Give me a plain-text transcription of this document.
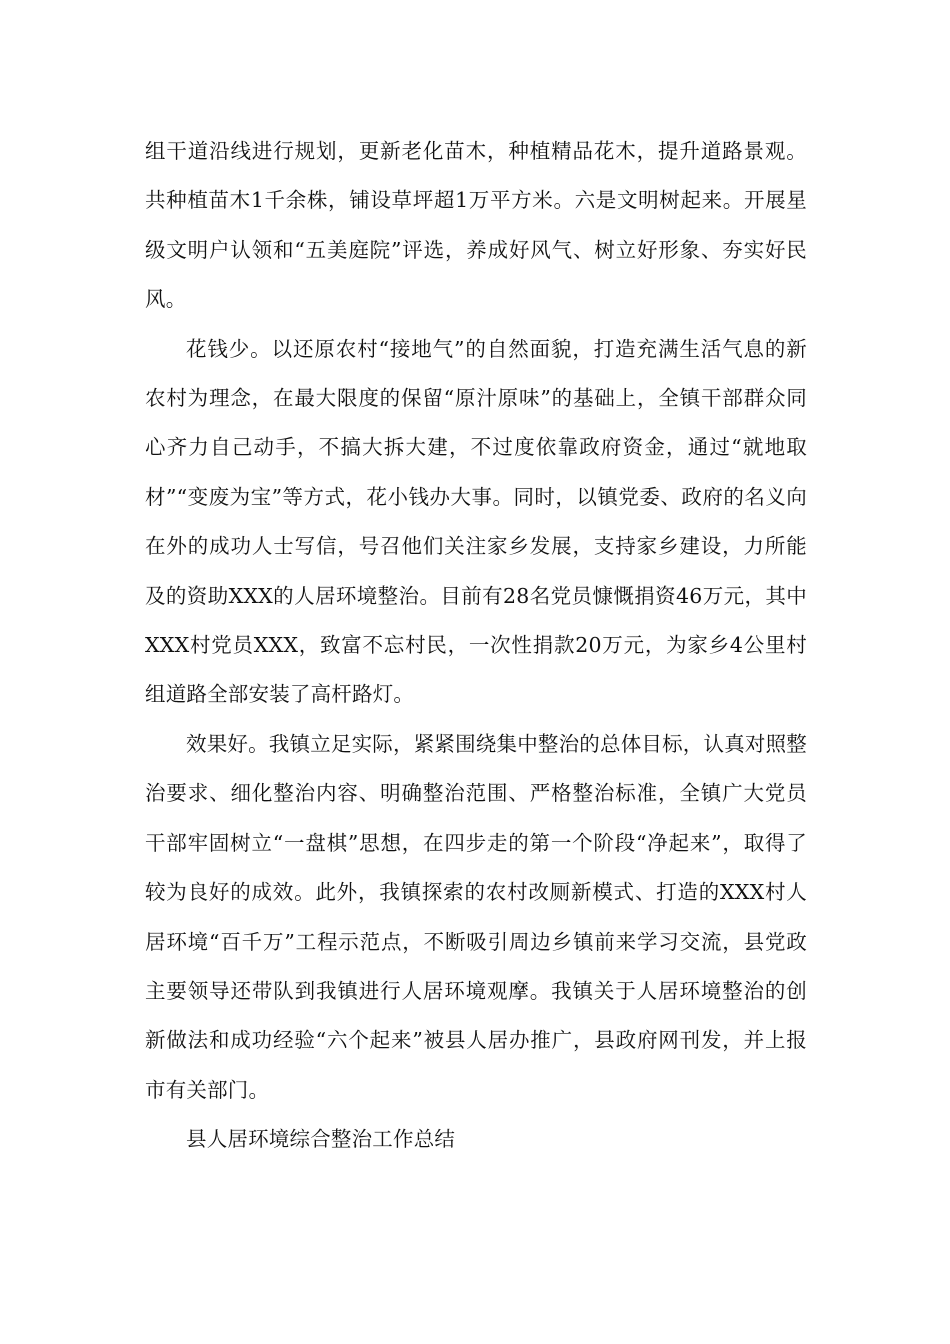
组干道沿线进行规划，更新老化苗木，种植精品花木，提升道路景观。共种植苗木1千余株，铺设草坪超1万平方米。六是文明树起来。开展星级文明户认领和“五美庭院”评选，养成好风气、树立好形象、夯实好民风。

花钱少。以还原农村“接地气”的自然面貌，打造充满生活气息的新农村为理念，在最大限度的保留“原汁原味”的基础上，全镇干部群众同心齐力自己动手，不搞大拆大建，不过度依靠政府资金，通过“就地取材”“变废为宝”等方式，花小钱办大事。同时，以镇党委、政府的名义向在外的成功人士写信，号召他们关注家乡发展，支持家乡建设，力所能及的资助XXX的人居环境整治。目前有28名党员慷慨捐资46万元，其中XXX村党员XXX，致富不忘村民，一次性捐款20万元，为家乡4公里村组道路全部安装了高杆路灯。

效果好。我镇立足实际，紧紧围绕集中整治的总体目标，认真对照整治要求、细化整治内容、明确整治范围、严格整治标准，全镇广大党员干部牢固树立“一盘棋”思想，在四步走的第一个阶段“净起来”，取得了较为良好的成效。此外，我镇探索的农村改厕新模式、打造的XXX村人居环境“百千万”工程示范点，不断吸引周边乡镇前来学习交流，县党政主要领导还带队到我镇进行人居环境观摩。我镇关于人居环境整治的创新做法和成功经验“六个起来”被县人居办推广，县政府网刊发，并上报市有关部门。

县人居环境综合整治工作总结
